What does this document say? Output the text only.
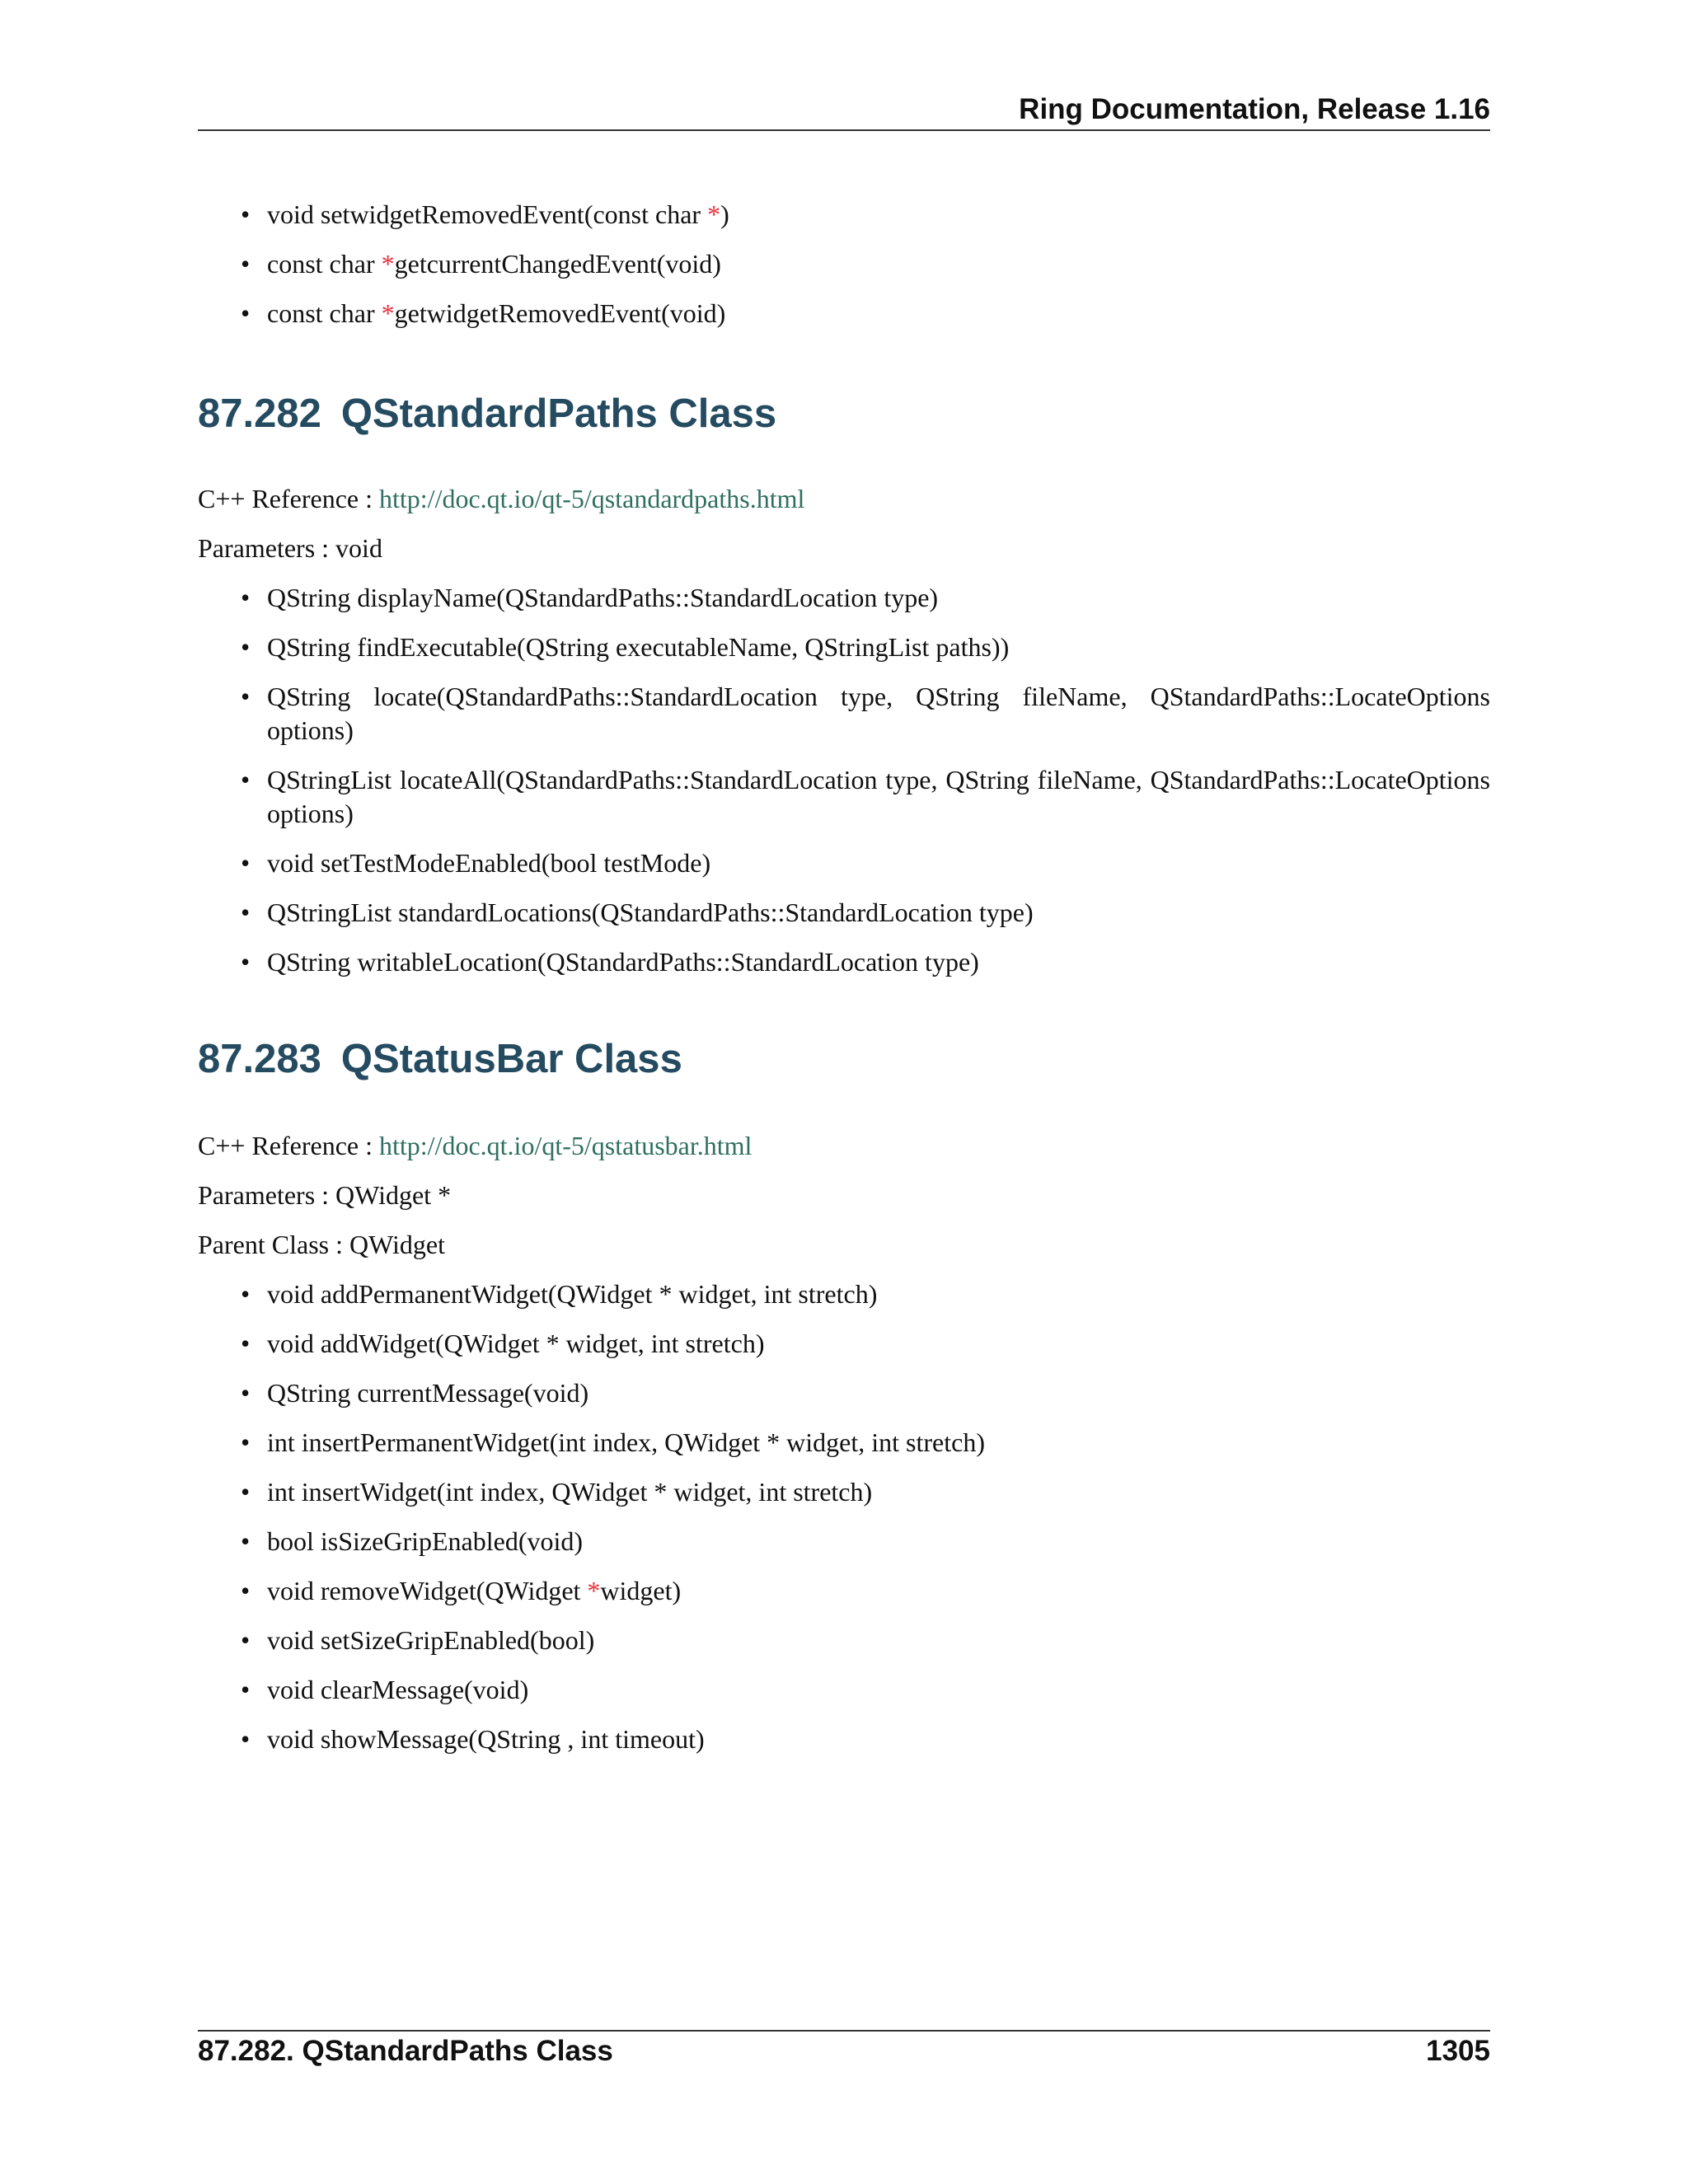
Ring Documentation, Release 1.16
• void setwidgetRemovedEvent(const char *)
• const char *getcurrentChangedEvent(void)
• const char *getwidgetRemovedEvent(void)
87.282 QStandardPaths Class

C++ Reference : http://doc.qt.io/qt-5/qstandardpaths.html

Parameters : void

• QString displayName(QStandardPaths::StandardLocation type)
• QString findExecutable(QString executableName, QStringList paths))
• QString locate(QStandardPaths::StandardLocation type, QString fileName, QStandardPaths::LocateOptions options)
• QStringList locateAll(QStandardPaths::StandardLocation type, QString fileName, QStandardPaths::LocateOptions options)
• void setTestModeEnabled(bool testMode)
• QStringList standardLocations(QStandardPaths::StandardLocation type)
• QString writableLocation(QStandardPaths::StandardLocation type)
87.283 QStatusBar Class

C++ Reference : http://doc.qt.io/qt-5/qstatusbar.html

Parameters : QWidget *

Parent Class : QWidget

• void addPermanentWidget(QWidget * widget, int stretch)
• void addWidget(QWidget * widget, int stretch)
• QString currentMessage(void)
• int insertPermanentWidget(int index, QWidget * widget, int stretch)
• int insertWidget(int index, QWidget * widget, int stretch)
• bool isSizeGripEnabled(void)
• void removeWidget(QWidget *widget)
• void setSizeGripEnabled(bool)
• void clearMessage(void)
• void showMessage(QString , int timeout)
87.282. QStandardPaths Class	1305
